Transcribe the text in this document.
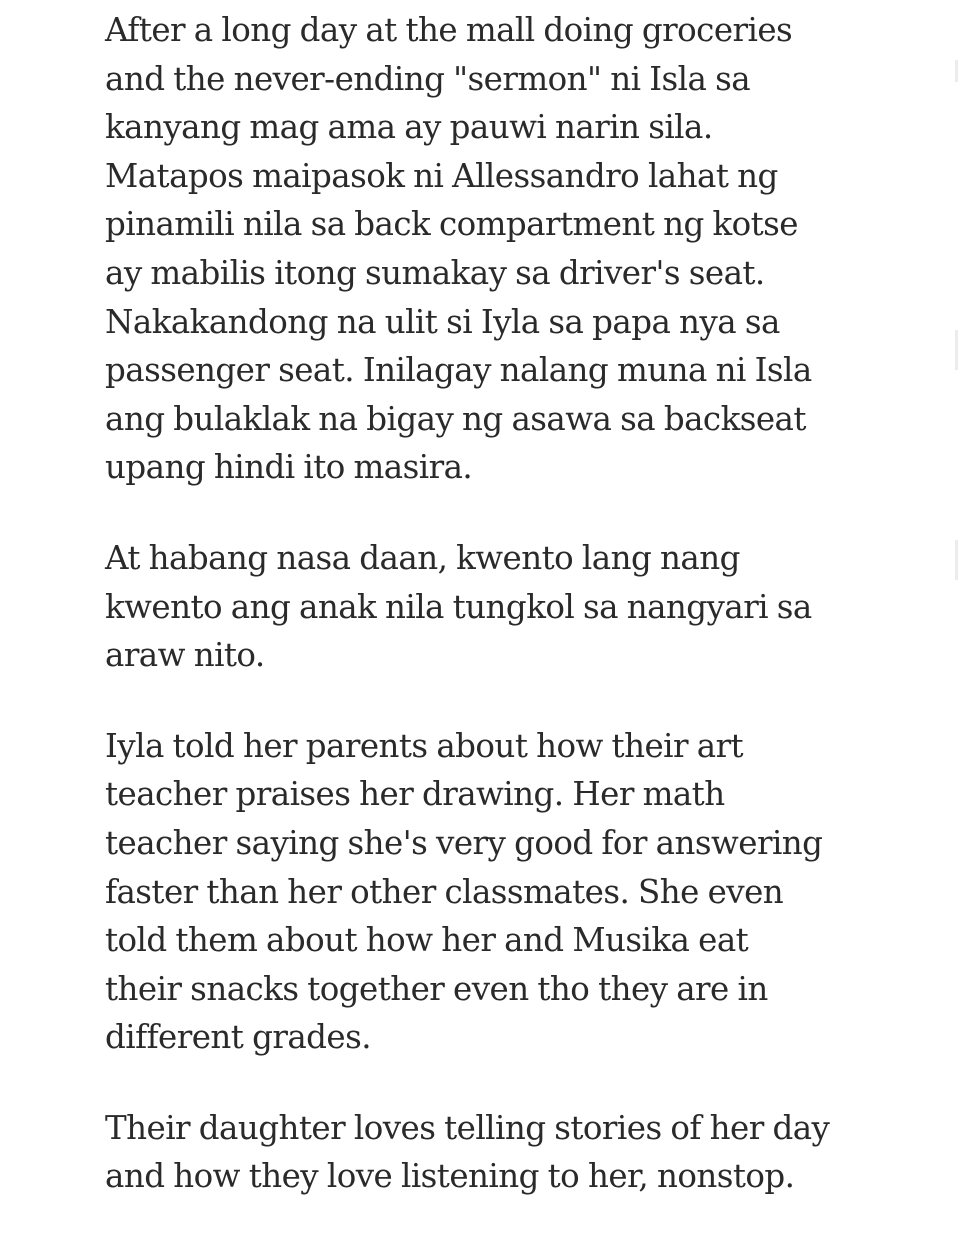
After a long day at the mall doing groceries
and the never-ending "sermon" ni Isla sa
kanyang mag ama ay pauwi narin sila.
Matapos maipasok ni Allessandro lahat ng
pinamili nila sa back compartment ng kotse
ay mabilis itong sumakay sa driver's seat.
Nakakandong na ulit si Iyla sa papa nya sa
passenger seat. Inilagay nalang muna ni Isla
ang bulaklak na bigay ng asawa sa backseat
upang hindi ito masira.

At habang nasa daan, kwento lang nang
kwento ang anak nila tungkol sa nangyari sa
araw nito.

Iyla told her parents about how their art
teacher praises her drawing. Her math
teacher saying she's very good for answering
faster than her other classmates. She even
told them about how her and Musika eat
their snacks together even tho they are in
different grades.

Their daughter loves telling stories of her day
and how they love listening to her, nonstop.
